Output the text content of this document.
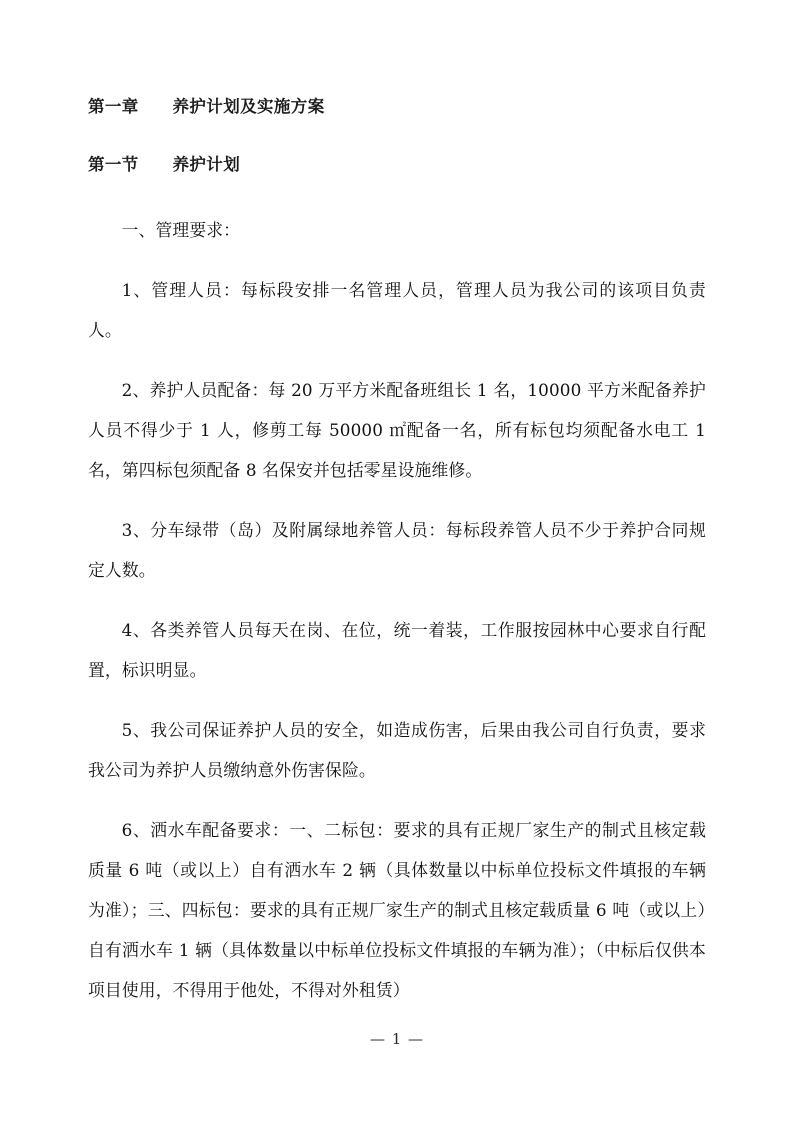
第一章　　养护计划及实施方案
第一节　　养护计划

一、管理要求：

1、管理人员：每标段安排一名管理人员，管理人员为我公司的该项目负责人。

2、养护人员配备：每 20 万平方米配备班组长 1 名，10000 平方米配备养护人员不得少于 1 人，修剪工每 50000 ㎡配备一名，所有标包均须配备水电工 1 名，第四标包须配备 8 名保安并包括零星设施维修。

3、分车绿带（岛）及附属绿地养管人员：每标段养管人员不少于养护合同规定人数。

4、各类养管人员每天在岗、在位，统一着装，工作服按园林中心要求自行配置，标识明显。

5、我公司保证养护人员的安全，如造成伤害，后果由我公司自行负责，要求我公司为养护人员缴纳意外伤害保险。

6、洒水车配备要求：一、二标包：要求的具有正规厂家生产的制式且核定载质量 6 吨（或以上）自有洒水车 2 辆（具体数量以中标单位投标文件填报的车辆为准）；三、四标包：要求的具有正规厂家生产的制式且核定载质量 6 吨（或以上）自有洒水车 1 辆（具体数量以中标单位投标文件填报的车辆为准）；（中标后仅供本项目使用，不得用于他处，不得对外租赁）

— 1 —
